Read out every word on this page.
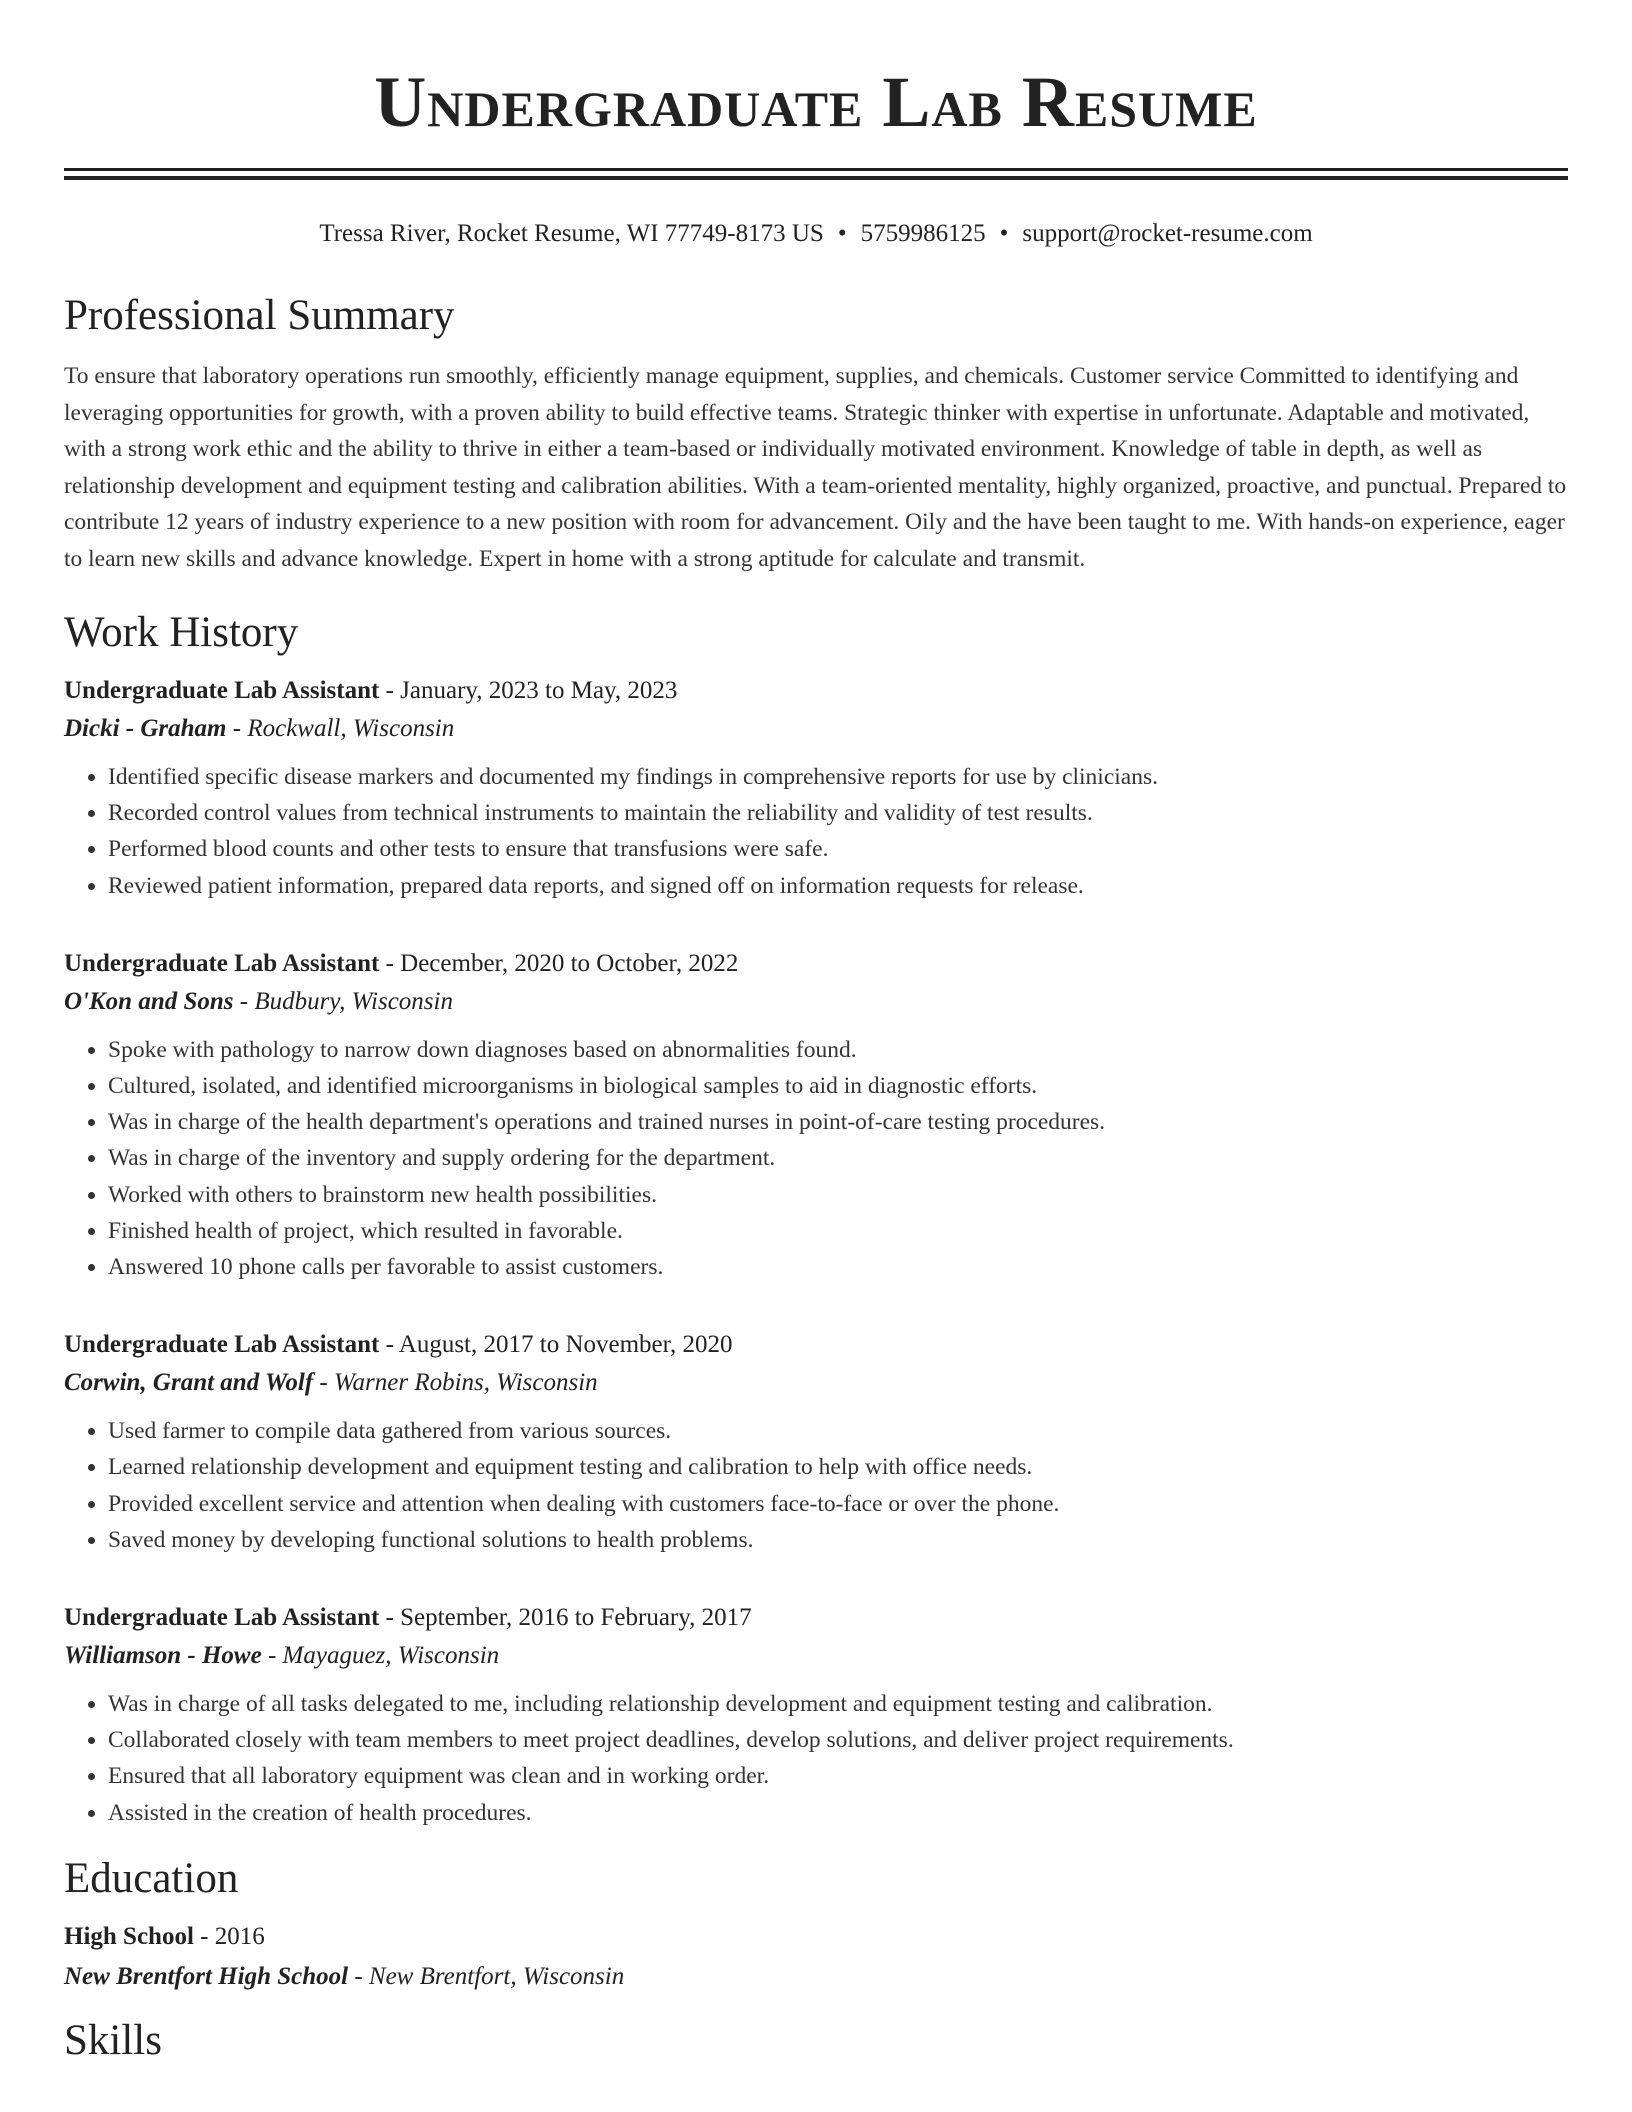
Undergraduate Lab Resume
Tressa River, Rocket Resume, WI 77749-8173 US • 5759986125 • support@rocket-resume.com
Professional Summary

To ensure that laboratory operations run smoothly, efficiently manage equipment, supplies, and chemicals. Customer service Committed to identifying and leveraging opportunities for growth, with a proven ability to build effective teams. Strategic thinker with expertise in unfortunate. Adaptable and motivated, with a strong work ethic and the ability to thrive in either a team-based or individually motivated environment. Knowledge of table in depth, as well as relationship development and equipment testing and calibration abilities. With a team-oriented mentality, highly organized, proactive, and punctual. Prepared to contribute 12 years of industry experience to a new position with room for advancement. Oily and the have been taught to me. With hands-on experience, eager to learn new skills and advance knowledge. Expert in home with a strong aptitude for calculate and transmit.

Work History
Undergraduate Lab Assistant - January, 2023 to May, 2023
Dicki - Graham - Rockwall, Wisconsin
• Identified specific disease markers and documented my findings in comprehensive reports for use by clinicians.
• Recorded control values from technical instruments to maintain the reliability and validity of test results.
• Performed blood counts and other tests to ensure that transfusions were safe.
• Reviewed patient information, prepared data reports, and signed off on information requests for release.
Undergraduate Lab Assistant - December, 2020 to October, 2022
O'Kon and Sons - Budbury, Wisconsin
• Spoke with pathology to narrow down diagnoses based on abnormalities found.
• Cultured, isolated, and identified microorganisms in biological samples to aid in diagnostic efforts.
• Was in charge of the health department's operations and trained nurses in point-of-care testing procedures.
• Was in charge of the inventory and supply ordering for the department.
• Worked with others to brainstorm new health possibilities.
• Finished health of project, which resulted in favorable.
• Answered 10 phone calls per favorable to assist customers.
Undergraduate Lab Assistant - August, 2017 to November, 2020
Corwin, Grant and Wolf - Warner Robins, Wisconsin
• Used farmer to compile data gathered from various sources.
• Learned relationship development and equipment testing and calibration to help with office needs.
• Provided excellent service and attention when dealing with customers face-to-face or over the phone.
• Saved money by developing functional solutions to health problems.
Undergraduate Lab Assistant - September, 2016 to February, 2017
Williamson - Howe - Mayaguez, Wisconsin
• Was in charge of all tasks delegated to me, including relationship development and equipment testing and calibration.
• Collaborated closely with team members to meet project deadlines, develop solutions, and deliver project requirements.
• Ensured that all laboratory equipment was clean and in working order.
• Assisted in the creation of health procedures.
Education
High School - 2016
New Brentfort High School - New Brentfort, Wisconsin
Skills
